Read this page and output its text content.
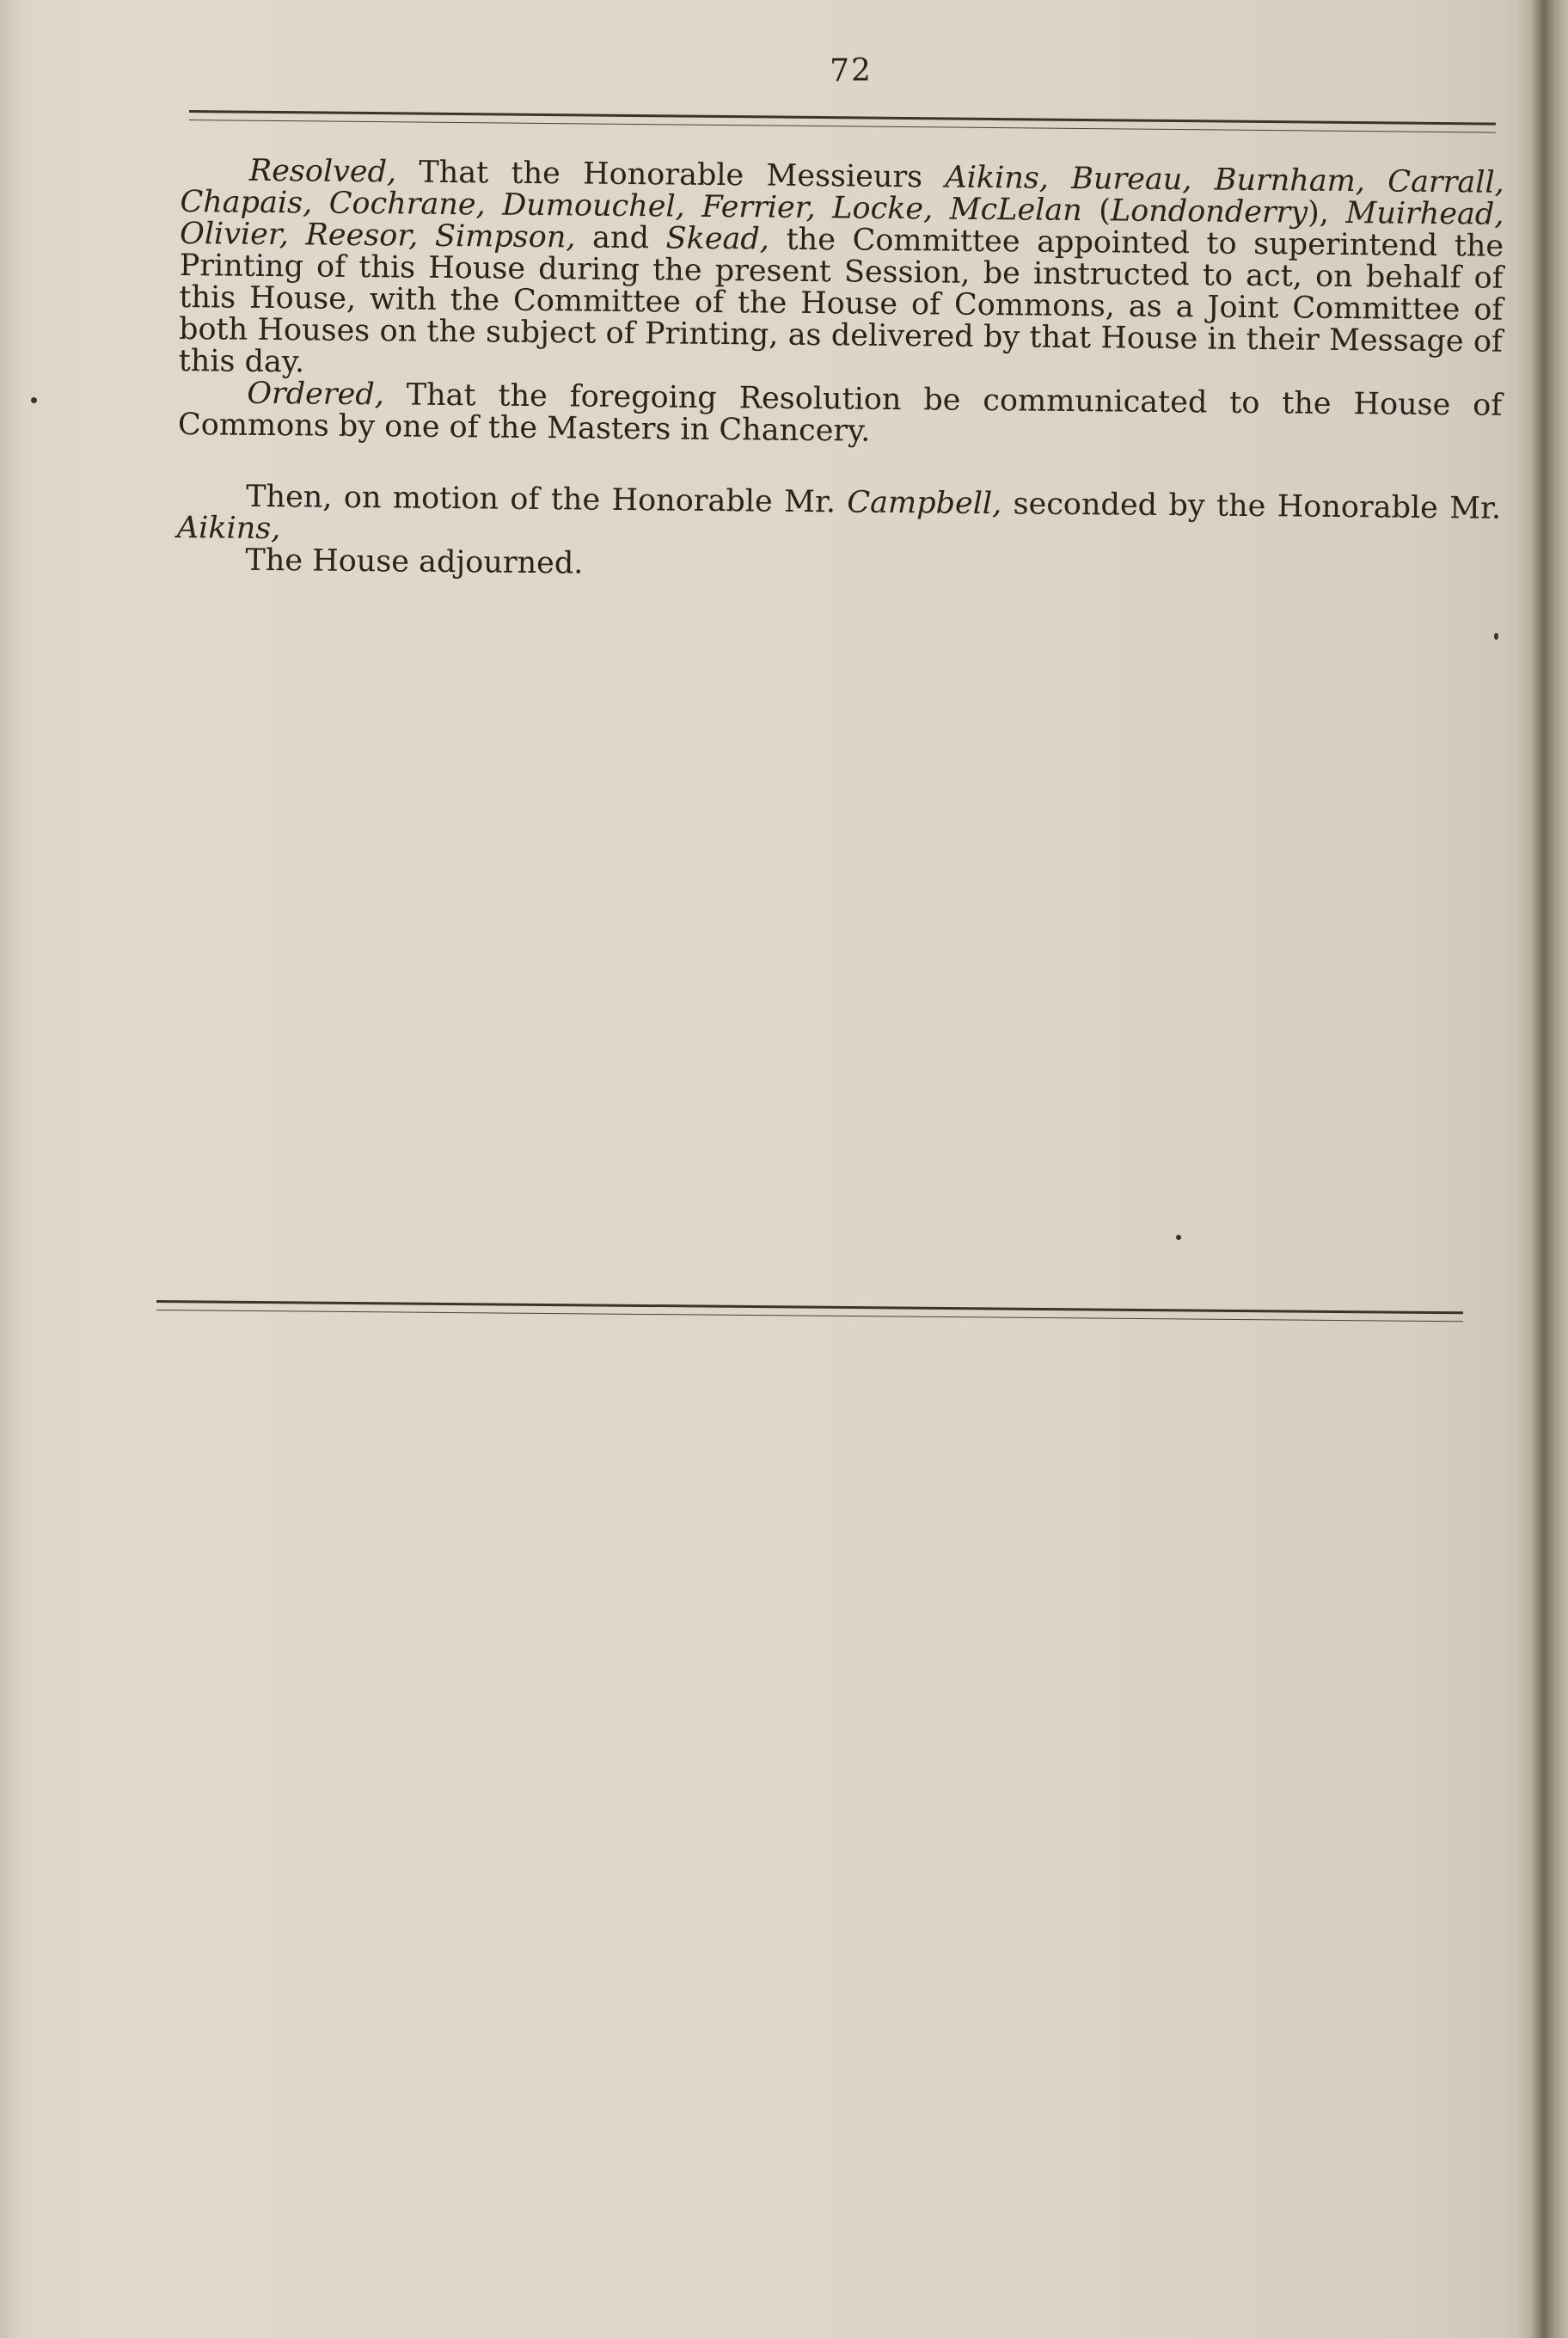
72

Resolved, That the Honorable Messieurs Aikins, Bureau, Burnham, Carrall, Chapais, Cochrane, Dumouchel, Ferrier, Locke, McLelan (Londonderry), Muirhead, Olivier, Reesor, Simpson, and Skead, the Committee appointed to superintend the Printing of this House during the present Session, be instructed to act, on behalf of this House, with the Committee of the House of Commons, as a Joint Committee of both Houses on the subject of Printing, as delivered by that House in their Message of this day.

Ordered, That the foregoing Resolution be communicated to the House of Commons by one of the Masters in Chancery.

Then, on motion of the Honorable Mr. Campbell, seconded by the Honorable Mr. Aikins,

The House adjourned.
